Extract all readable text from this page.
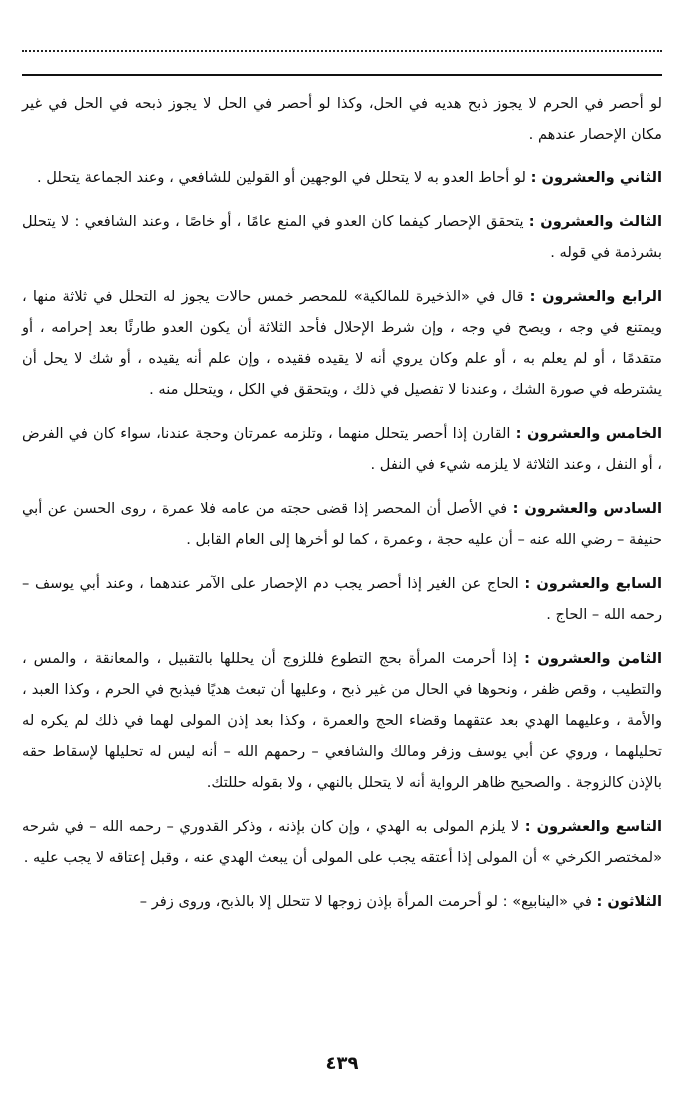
لو أحصر في الحرم لا يجوز ذبح هديه في الحل، وكذا لو أحصر في الحل لا يجوز ذبحه في الحل في غير مكان الإحصار عندهم .

الثاني والعشرون : لو أحاط العدو به لا يتحلل في الوجهين أو القولين للشافعي ، وعند الجماعة يتحلل .

الثالث والعشرون : يتحقق الإحصار كيفما كان العدو في المنع عامًا ، أو خاصًا ، وعند الشافعي : لا يتحلل بشرذمة في قوله .

الرابع والعشرون : قال في «الذخيرة للمالكية» للمحصر خمس حالات يجوز له التحلل في ثلاثة منها ، ويمتنع في وجه ، ويصح في وجه ، وإن شرط الإحلال فأحد الثلاثة أن يكون العدو طارئًا بعد إحرامه ، أو متقدمًا ، أو لم يعلم به ، أو علم وكان يروي أنه لا يقيده فقيده ، وإن علم أنه يقيده ، أو شك لا يحل أن يشترطه في صورة الشك ، وعندنا لا تفصيل في ذلك ، ويتحقق في الكل ، ويتحلل منه .

الخامس والعشرون : القارن إذا أحصر يتحلل منهما ، وتلزمه عمرتان وحجة عندنا، سواء كان في الفرض ، أو النفل ، وعند الثلاثة لا يلزمه شيء في النفل .

السادس والعشرون : في الأصل أن المحصر إذا قضى حجته من عامه فلا عمرة ، روى الحسن عن أبي حنيفة – رضي الله عنه – أن عليه حجة ، وعمرة ، كما لو أخرها إلى العام القابل .

السابع والعشرون : الحاج عن الغير إذا أحصر يجب دم الإحصار على الآمر عندهما ، وعند أبي يوسف – رحمه الله – الحاج .

الثامن والعشرون : إذا أحرمت المرأة بحج التطوع فللزوج أن يحللها بالتقبيل ، والمعانقة ، والمس ، والتطيب ، وقص ظفر ، ونحوها في الحال من غير ذبح ، وعليها أن تبعث هديًا فيذبح في الحرم ، وكذا العبد ، والأمة ، وعليهما الهدي بعد عتقهما وقضاء الحج والعمرة ، وكذا بعد إذن المولى لهما في ذلك لم يكره له تحليلهما ، وروي عن أبي يوسف وزفر ومالك والشافعي – رحمهم الله – أنه ليس له تحليلها لإسقاط حقه بالإذن كالزوجة . والصحيح ظاهر الرواية أنه لا يتحلل بالنهي ، ولا بقوله حللتك.

التاسع والعشرون : لا يلزم المولى به الهدي ، وإن كان بإذنه ، وذكر القدوري – رحمه الله – في شرحه «لمختصر الكرخي » أن المولى إذا أعتقه يجب على المولى أن يبعث الهدي عنه ، وقبل إعتاقه لا يجب عليه .

الثلاثون : في «الينابيع» : لو أحرمت المرأة بإذن زوجها لا تتحلل إلا بالذبح، وروى زفر –

٤٣٩
